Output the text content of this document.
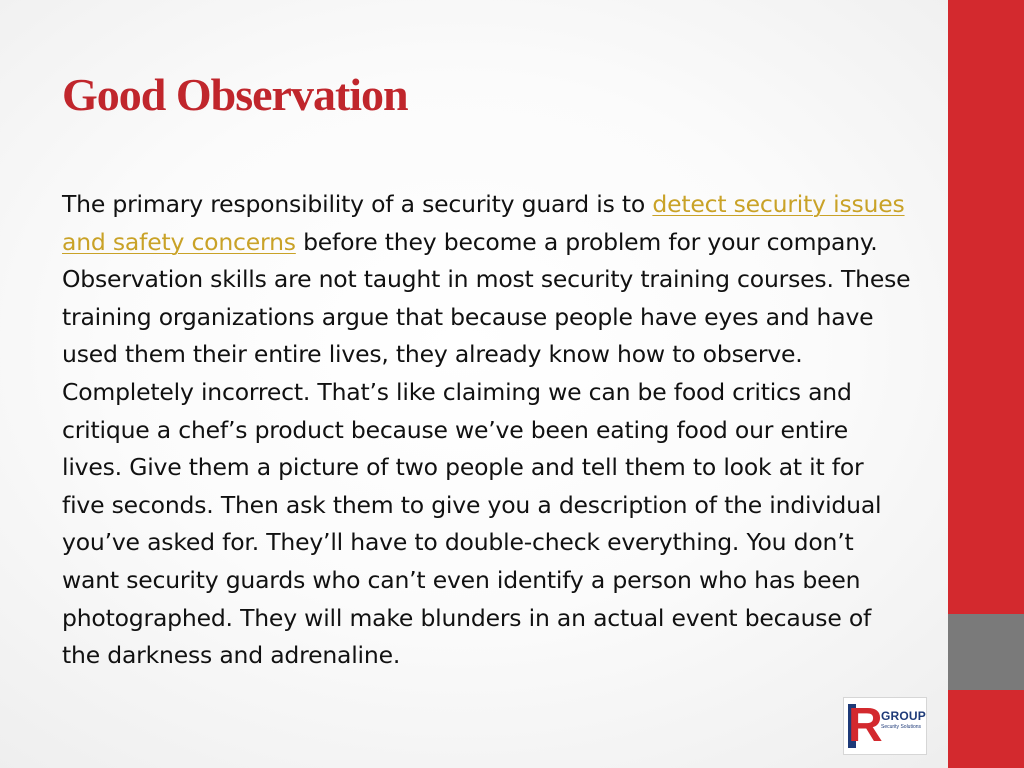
Good Observation

The primary responsibility of a security guard is to detect security issues and safety concerns before they become a problem for your company. Observation skills are not taught in most security training courses. These training organizations argue that because people have eyes and have used them their entire lives, they already know how to observe. Completely incorrect. That’s like claiming we can be food critics and critique a chef’s product because we’ve been eating food our entire lives. Give them a picture of two people and tell them to look at it for five seconds. Then ask them to give you a description of the individual you’ve asked for. They’ll have to double-check everything. You don’t want security guards who can’t even identify a person who has been photographed. They will make blunders in an actual event because of the darkness and adrenaline.

R
GROUP
Security Solutions
